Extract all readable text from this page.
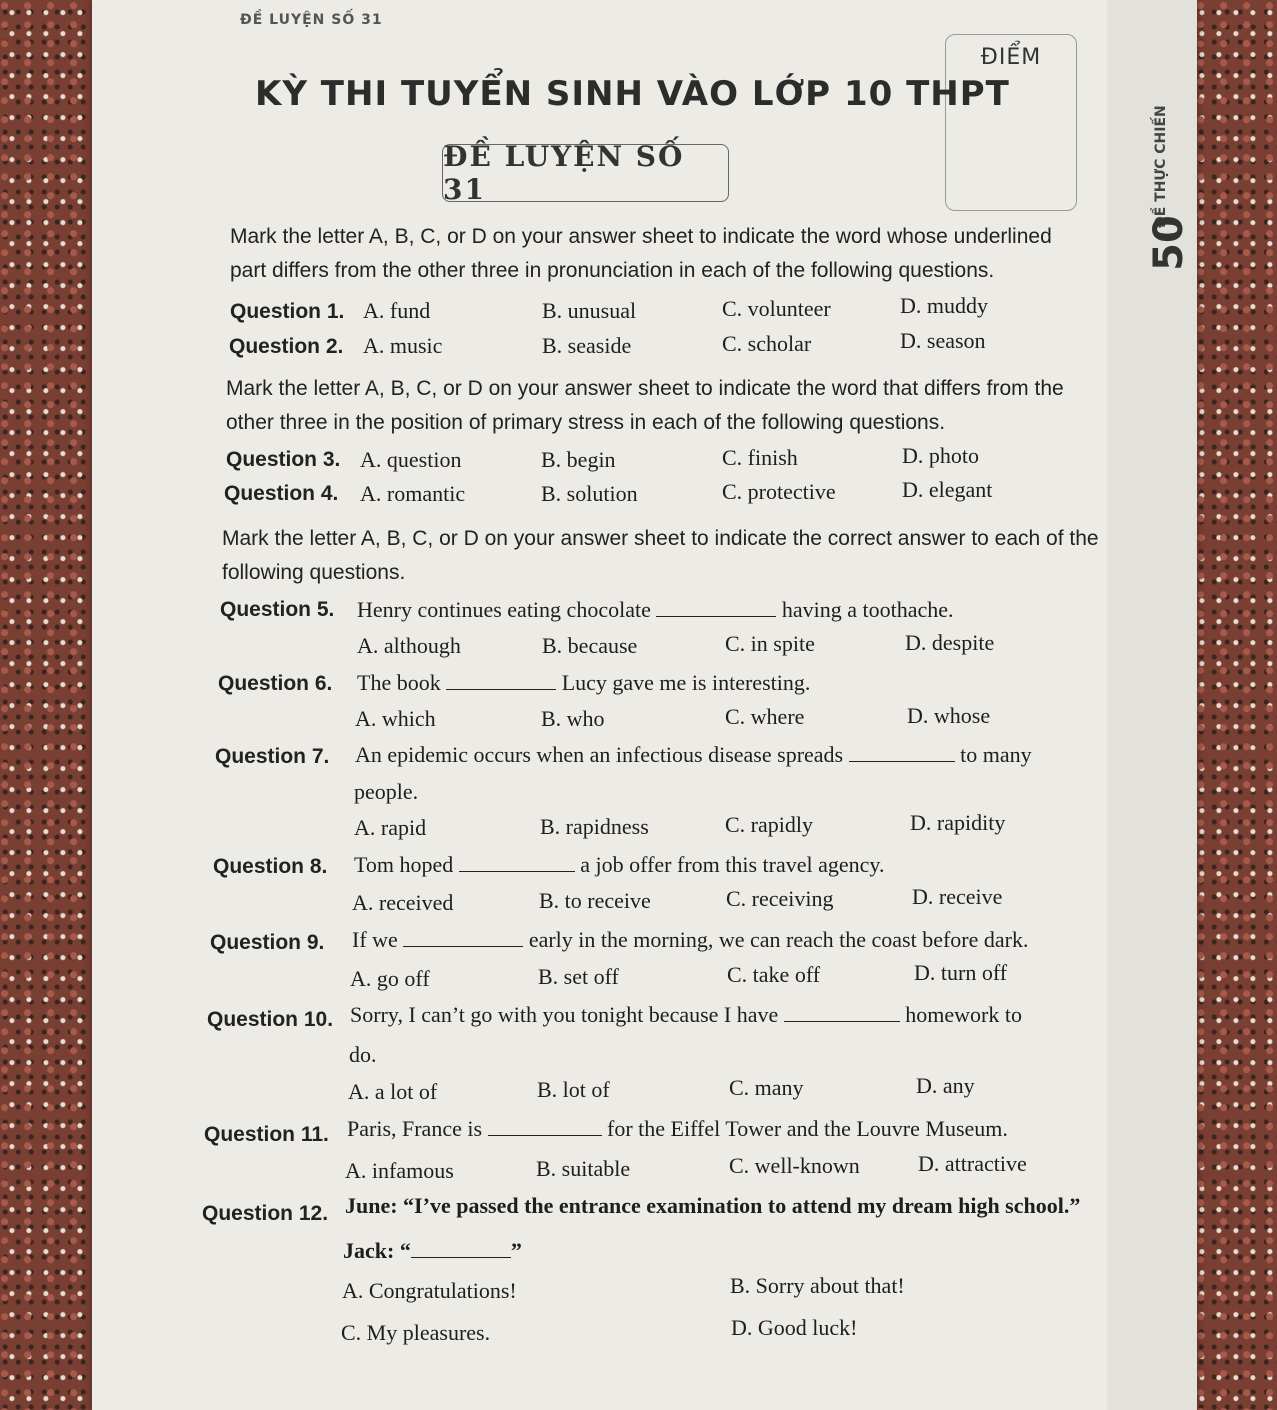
ĐỀ THỰC CHIẾN
50
ĐỀ LUYỆN SỐ 31
ĐIỂM
KỲ THI TUYỂN SINH VÀO LỚP 10 THPT
ĐỀ LUYỆN SỐ 31
Mark the letter A, B, C, or D on your answer sheet to indicate the word whose underlined part differs from the other three in pronunciation in each of the following questions.
Question 1. A. fund	B. unusual	C. volunteer	D. muddy
Question 2. A. music	B. seaside	C. scholar	D. season
Mark the letter A, B, C, or D on your answer sheet to indicate the word that differs from the other three in the position of primary stress in each of the following questions.
Question 3. A. question	B. begin	C. finish	D. photo
Question 4. A. romantic	B. solution	C. protective	D. elegant
Mark the letter A, B, C, or D on your answer sheet to indicate the correct answer to each of the following questions.
Question 5. Henry continues eating chocolate	having a toothache.
A. although	B. because	C. in spite	D. despite
Question 6. The book	Lucy gave me is interesting.
A. which	B. who	C. where	D. whose
Question 7. An epidemic occurs when an infectious disease spreads	to many
people.
A. rapid	B. rapidness	C. rapidly	D. rapidity
Question 8. Tom hoped	a job offer from this travel agency.
A. received	B. to receive	C. receiving	D. receive
Question 9. If we	early in the morning, we can reach the coast before dark.
A. go off	B. set off	C. take off	D. turn off
Question 10. Sorry, I can’t go with you tonight because I have	homework to
do.
A. a lot of	B. lot of	C. many	D. any
Question 11. Paris, France is	for the Eiffel Tower and the Louvre Museum.
A. infamous	B. suitable	C. well-known	D. attractive
Question 12. June: “I’ve passed the entrance examination to attend my dream high school.”
Jack: “	”
A. Congratulations!	B. Sorry about that!
C. My pleasures.	D. Good luck!
